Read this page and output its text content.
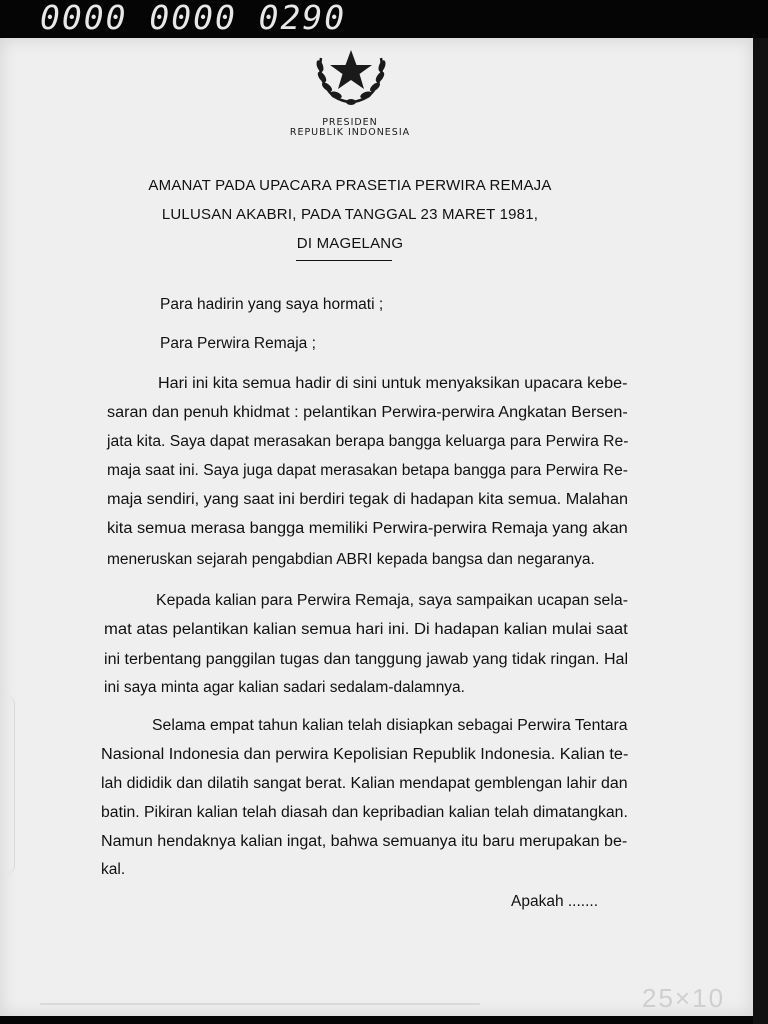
0000 0000 0290
PRESIDEN
REPUBLIK INDONESIA
AMANAT PADA UPACARA PRASETIA PERWIRA REMAJA
LULUSAN AKABRI, PADA TANGGAL 23 MARET 1981,
DI MAGELANG
Para hadirin yang saya hormati ;
Para Perwira Remaja ;
Hari ini kita semua hadir di sini untuk menyaksikan upacara kebe-
saran dan penuh khidmat : pelantikan Perwira-perwira Angkatan Bersen-
jata kita. Saya dapat merasakan berapa bangga keluarga para Perwira Re-
maja saat ini. Saya juga dapat merasakan betapa bangga para Perwira Re-
maja sendiri, yang saat ini berdiri tegak di hadapan kita semua. Malahan
kita semua merasa bangga memiliki Perwira-perwira Remaja yang akan
meneruskan sejarah pengabdian ABRI kepada bangsa dan negaranya.
Kepada kalian para Perwira Remaja, saya sampaikan ucapan sela-
mat atas pelantikan kalian semua hari ini. Di hadapan kalian mulai saat
ini terbentang panggilan tugas dan tanggung jawab yang tidak ringan. Hal
ini saya minta agar kalian sadari sedalam-dalamnya.
Selama empat tahun kalian telah disiapkan sebagai Perwira Tentara
Nasional Indonesia dan perwira Kepolisian Republik Indonesia. Kalian te-
lah dididik dan dilatih sangat berat. Kalian mendapat gemblengan lahir dan
batin. Pikiran kalian telah diasah dan kepribadian kalian telah dimatangkan.
Namun hendaknya kalian ingat, bahwa semuanya itu baru merupakan be-
kal.
Apakah .......
25×10
